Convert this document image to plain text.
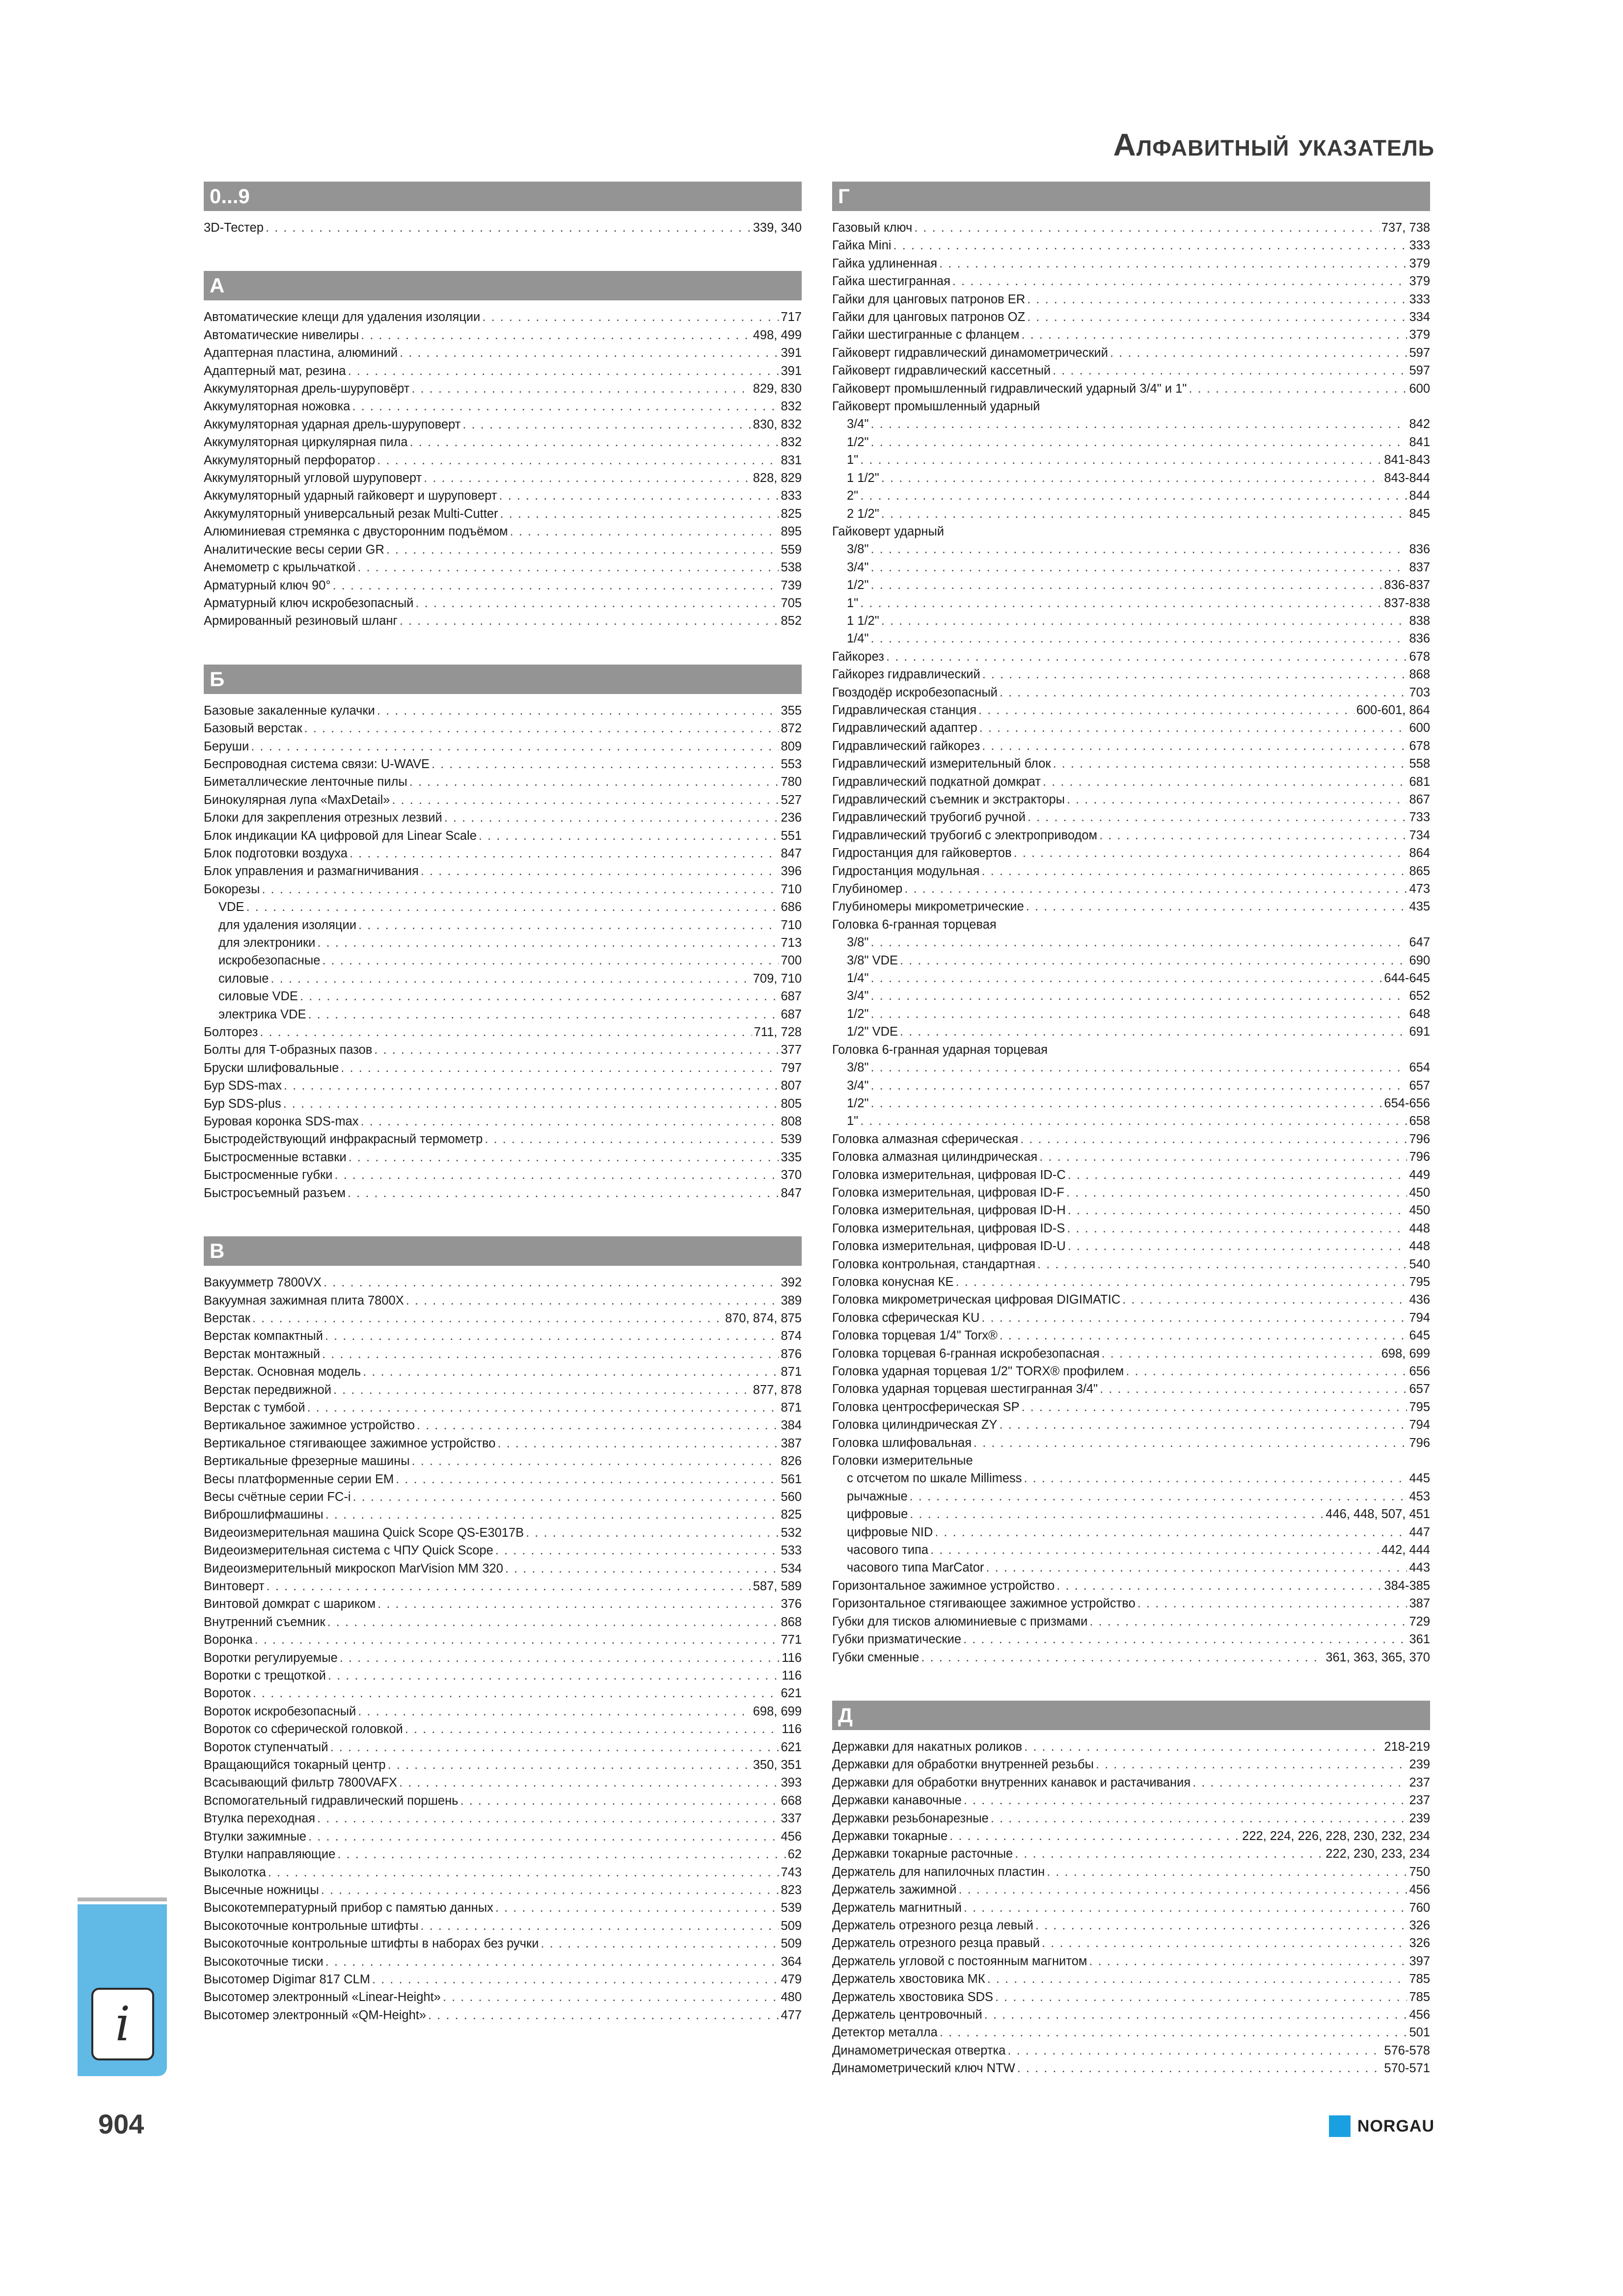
Алфавитный указатель
0...9
3D-Тестер . . .	339, 340
А
Автоматические клещи для удаления изоляции . . .	717
Автоматические нивелиры . . .	498, 499
Адаптерная пластина, алюминий . . .	391
Адаптерный мат, резина . . .	391
Аккумуляторная дрель-шуруповёрт . . .	829, 830
Аккумуляторная ножовка . . .	832
Аккумуляторная ударная дрель-шуруповерт . . .	830, 832
Аккумуляторная циркулярная пила . . .	832
Аккумуляторный перфоратор . . .	831
Аккумуляторный угловой шуруповерт . . .	828, 829
Аккумуляторный ударный гайковерт и шуруповерт . . .	833
Аккумуляторный универсальный резак Multi-Cutter . . .	825
Алюминиевая стремянка с двусторонним подъёмом . . .	895
Аналитические весы серии GR . . .	559
Анемометр с крыльчаткой . . .	538
Арматурный ключ 90° . . .	739
Арматурный ключ искробезопасный . . .	705
Армированный резиновый шланг . . .	852
Б
Базовые закаленные кулачки . . .	355
Базовый верстак . . .	872
Беруши . . .	809
Беспроводная система связи: U-WAVE . . .	553
Биметаллические ленточные пилы . . .	780
Бинокулярная лупа «MaxDetail» . . .	527
Блоки для закрепления отрезных лезвий . . .	236
Блок индикации КА цифровой для Linear Scale . . .	551
Блок подготовки воздуха . . .	847
Блок управления и размагничивания . . .	396
Бокорезы . . .	710
VDE . . .	686
для удаления изоляции . . .	710
для электроники . . .	713
искробезопасные . . .	700
силовые . . .	709, 710
силовые VDE . . .	687
электрика VDE . . .	687
Болторез . . .	711, 728
Болты для T-образных пазов . . .	377
Бруски шлифовальные . . .	797
Бур SDS-max . . .	807
Бур SDS-plus . . .	805
Буровая коронка SDS-max . . .	808
Быстродействующий инфракрасный термометр . . .	539
Быстросменные вставки . . .	335
Быстросменные губки . . .	370
Быстросъемный разъем . . .	847
В
Вакуумметр 7800VX . . .	392
Вакуумная зажимная плита 7800X . . .	389
Верстак . . .	870, 874, 875
Верстак компактный . . .	874
Верстак монтажный . . .	876
Верстак. Основная модель . . .	871
Верстак передвижной . . .	877, 878
Верстак с тумбой . . .	871
Вертикальное зажимное устройство . . .	384
Вертикальное стягивающее зажимное устройство . . .	387
Вертикальные фрезерные машины . . .	826
Весы платформенные серии EM . . .	561
Весы счётные серии FC-i . . .	560
Виброшлифмашины . . .	825
Видеоизмерительная машина Quick Scope QS-E3017B . . .	532
Видеоизмерительная система с ЧПУ Quick Scope . . .	533
Видеоизмерительный микроскоп MarVision MM 320 . . .	534
Винтоверт . . .	587, 589
Винтовой домкрат с шариком . . .	376
Внутренний съемник . . .	868
Воронка . . .	771
Воротки регулируемые . . .	116
Воротки с трещоткой . . .	116
Вороток . . .	621
Вороток искробезопасный . . .	698, 699
Вороток со сферической головкой . . .	116
Вороток ступенчатый . . .	621
Вращающийся токарный центр . . .	350, 351
Всасывающий фильтр 7800VAFX . . .	393
Вспомогательный гидравлический поршень . . .	668
Втулка переходная . . .	337
Втулки зажимные . . .	456
Втулки направляющие . . .	62
Выколотка . . .	743
Высечные ножницы . . .	823
Высокотемпературный прибор с памятью данных . . .	539
Высокоточные контрольные штифты . . .	509
Высокоточные контрольные штифты в наборах без ручки . . .	509
Высокоточные тиски . . .	364
Высотомер Digimar 817 CLM . . .	479
Высотомер электронный «Linear-Height» . . .	480
Высотомер электронный «QM-Height» . . .	477
Г
Газовый ключ . . .	737, 738
Гайка Mini . . .	333
Гайка удлиненная . . .	379
Гайка шестигранная . . .	379
Гайки для цанговых патронов ER . . .	333
Гайки для цанговых патронов OZ . . .	334
Гайки шестигранные с фланцем . . .	379
Гайковерт гидравлический динамометрический . . .	597
Гайковерт гидравлический кассетный . . .	597
Гайковерт промышленный гидравлический ударный 3/4" и 1" . . .	600
Гайковерт промышленный ударный
3/4" . . .	842
1/2" . . .	841
1" . . .	841-843
1 1/2" . . .	843-844
2" . . .	844
2 1/2" . . .	845
Гайковерт ударный
3/8" . . .	836
3/4" . . .	837
1/2" . . .	836-837
1" . . .	837-838
1 1/2" . . .	838
1/4" . . .	836
Гайкорез . . .	678
Гайкорез гидравлический . . .	868
Гвоздодёр искробезопасный . . .	703
Гидравлическая станция . . .	600-601, 864
Гидравлический адаптер . . .	600
Гидравлический гайкорез . . .	678
Гидравлический измерительный блок . . .	558
Гидравлический подкатной домкрат . . .	681
Гидравлический съемник и экстракторы . . .	867
Гидравлический трубогиб ручной . . .	733
Гидравлический трубогиб с электроприводом . . .	734
Гидростанция для гайковертов . . .	864
Гидростанция модульная . . .	865
Глубиномер . . .	473
Глубиномеры микрометрические . . .	435
Головка 6-гранная торцевая
3/8" . . .	647
3/8" VDE . . .	690
1/4" . . .	644-645
3/4" . . .	652
1/2" . . .	648
1/2" VDE . . .	691
Головка 6-гранная ударная торцевая
3/8" . . .	654
3/4" . . .	657
1/2" . . .	654-656
1" . . .	658
Головка алмазная сферическая . . .	796
Головка алмазная цилиндрическая . . .	796
Головка измерительная, цифровая ID-C . . .	449
Головка измерительная, цифровая ID-F . . .	450
Головка измерительная, цифровая ID-H . . .	450
Головка измерительная, цифровая ID-S . . .	448
Головка измерительная, цифровая ID-U . . .	448
Головка контрольная, стандартная . . .	540
Головка конусная КЕ . . .	795
Головка микрометрическая цифровая DIGIMATIC . . .	436
Головка сферическая KU . . .	794
Головка торцевая 1/4" Torx® . . .	645
Головка торцевая 6-гранная искробезопасная . . .	698, 699
Головка ударная торцевая 1/2" TORX® профилем . . .	656
Головка ударная торцевая шестигранная 3/4" . . .	657
Головка центросферическая SP . . .	795
Головка цилиндрическая ZY . . .	794
Головка шлифовальная . . .	796
Головки измерительные
с отсчетом по шкале Millimess . . .	445
рычажные . . .	453
цифровые . . .	446, 448, 507, 451
цифровые NID . . .	447
часового типа . . .	442, 444
часового типа MarCator . . .	443
Горизонтальное зажимное устройство . . .	384-385
Горизонтальное стягивающее зажимное устройство . . .	387
Губки для тисков алюминиевые с призмами . . .	729
Губки призматические . . .	361
Губки сменные . . .	361, 363, 365, 370
Д
Державки для накатных роликов . . .	218-219
Державки для обработки внутренней резьбы . . .	239
Державки для обработки внутренних канавок и растачивания . . .	237
Державки канавочные . . .	237
Державки резьбонарезные . . .	239
Державки токарные . . .	222, 224, 226, 228, 230, 232, 234
Державки токарные расточные . . .	222, 230, 233, 234
Держатель для напилочных пластин . . .	750
Держатель зажимной . . .	456
Держатель магнитный . . .	760
Держатель отрезного резца левый . . .	326
Держатель отрезного резца правый . . .	326
Держатель угловой с постоянным магнитом . . .	397
Держатель хвостовика МК . . .	785
Держатель хвостовика SDS . . .	785
Держатель центровочный . . .	456
Детектор металла . . .	501
Динамометрическая отвертка . . .	576-578
Динамометрический ключ NTW . . .	570-571
i
904	NORGAU
